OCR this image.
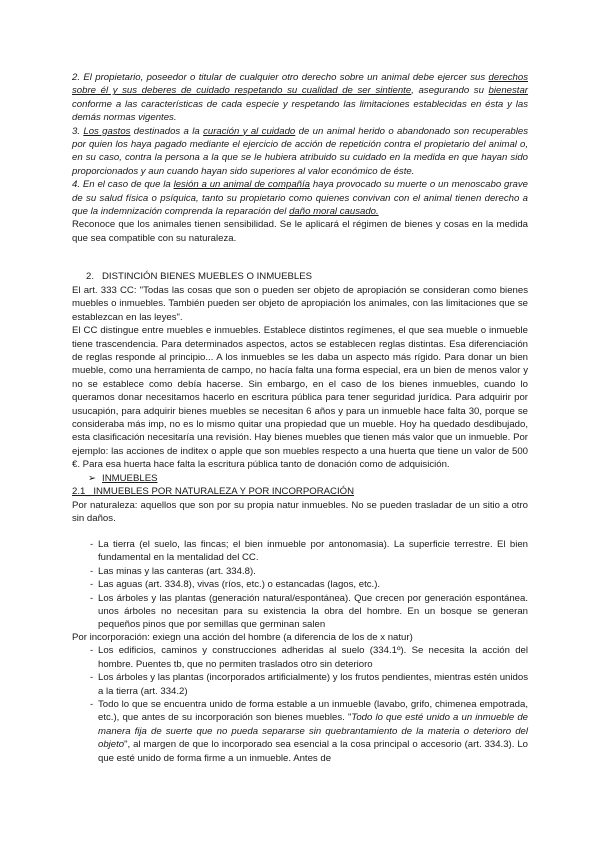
2. El propietario, poseedor o titular de cualquier otro derecho sobre un animal debe ejercer sus derechos sobre él y sus deberes de cuidado respetando su cualidad de ser sintiente, asegurando su bienestar conforme a las características de cada especie y respetando las limitaciones establecidas en ésta y las demás normas vigentes.

3. Los gastos destinados a la curación y al cuidado de un animal herido o abandonado son recuperables por quien los haya pagado mediante el ejercicio de acción de repetición contra el propietario del animal o, en su caso, contra la persona a la que se le hubiera atribuido su cuidado en la medida en que hayan sido proporcionados y aun cuando hayan sido superiores al valor económico de éste.

4. En el caso de que la lesión a un animal de compañía haya provocado su muerte o un menoscabo grave de su salud física o psíquica, tanto su propietario como quienes convivan con el animal tienen derecho a que la indemnización comprenda la reparación del daño moral causado.

Reconoce que los animales tienen sensibilidad. Se le aplicará el régimen de bienes y cosas en la medida que sea compatible con su naturaleza.

2. DISTINCIÓN BIENES MUEBLES O INMUEBLES

El art. 333 CC: "Todas las cosas que son o pueden ser objeto de apropiación se consideran como bienes muebles o inmuebles. También pueden ser objeto de apropiación los animales, con las limitaciones que se establezcan en las leyes".

El CC distingue entre muebles e inmuebles. Establece distintos regímenes, el que sea mueble o inmueble tiene trascendencia. Para determinados aspectos, actos se establecen reglas distintas. Esa diferenciación de reglas responde al principio... A los inmuebles se les daba un aspecto más rígido. Para donar un bien mueble, como una herramienta de campo, no hacía falta una forma especial, era un bien de menos valor y no se establece como debía hacerse. Sin embargo, en el caso de los bienes inmuebles, cuando lo queramos donar necesitamos hacerlo en escritura pública para tener seguridad jurídica. Para adquirir por usucapión, para adquirir bienes muebles se necesitan 6 años y para un inmueble hace falta 30, porque se consideraba más imp, no es lo mismo quitar una propiedad que un mueble. Hoy ha quedado desdibujado, esta clasificación necesitaría una revisión. Hay bienes muebles que tienen más valor que un inmueble. Por ejemplo: las acciones de inditex o apple que son muebles respecto a una huerta que tiene un valor de 500 €. Para esa huerta hace falta la escritura pública tanto de donación como de adquisición.

➢ INMUEBLES

2.1_ INMUEBLES POR NATURALEZA Y POR INCORPORACIÓN

Por naturaleza: aquellos que son por su propia natur inmuebles. No se pueden trasladar de un sitio a otro sin daños.

- La tierra (el suelo, las fincas; el bien inmueble por antonomasia). La superficie terrestre. El bien fundamental en la mentalidad del CC.
- Las minas y las canteras (art. 334.8).
- Las aguas (art. 334.8), vivas (ríos, etc.) o estancadas (lagos, etc.).
- Los árboles y las plantas (generación natural/espontánea). Que crecen por generación espontánea. unos árboles no necesitan para su existencia la obra del hombre. En un bosque se generan pequeños pinos que por semillas que germinan salen

Por incorporación: exiegn una acción del hombre (a diferencia de los de x natur)

- Los edificios, caminos y construcciones adheridas al suelo (334.1º). Se necesita la acción del hombre. Puentes tb, que no permiten traslados otro sin deterioro
- Los árboles y las plantas (incorporados artificialmente) y los frutos pendientes, mientras estén unidos a la tierra (art. 334.2)
- Todo lo que se encuentra unido de forma estable a un inmueble (lavabo, grifo, chimenea empotrada, etc.), que antes de su incorporación son bienes muebles. "Todo lo que esté unido a un inmueble de manera fija de suerte que no pueda separarse sin quebrantamiento de la materia o deterioro del objeto", al margen de que lo incorporado sea esencial a la cosa principal o accesorio (art. 334.3). Lo que esté unido de forma firme a un inmueble. Antes de
